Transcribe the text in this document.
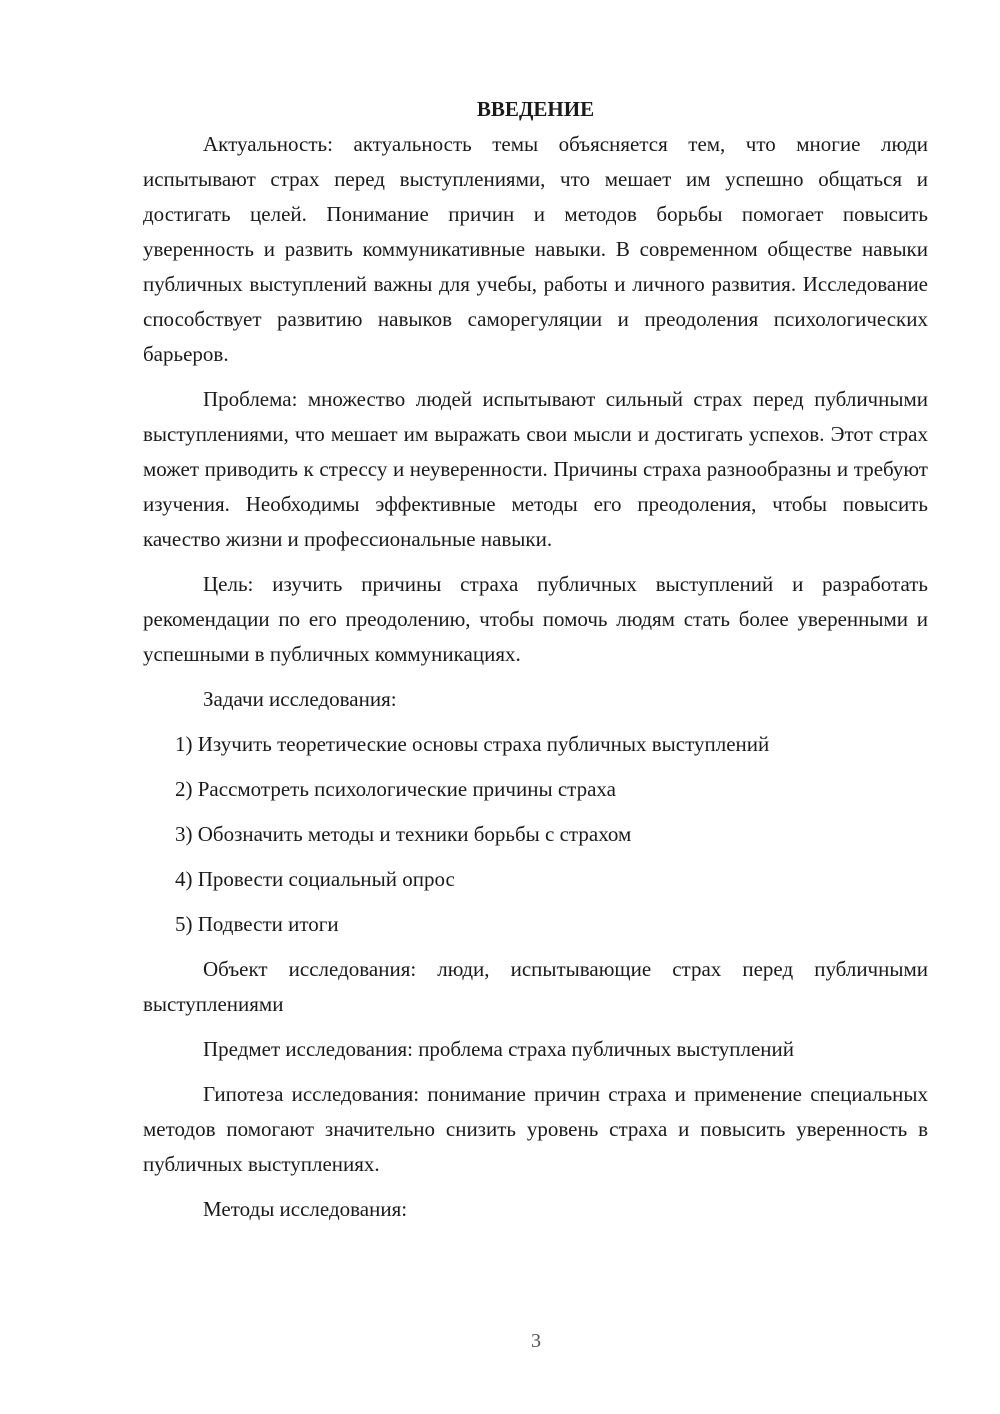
ВВЕДЕНИЕ

Актуальность: актуальность темы объясняется тем, что многие люди испытывают страх перед выступлениями, что мешает им успешно общаться и достигать целей. Понимание причин и методов борьбы помогает повысить уверенность и развить коммуникативные навыки. В современном обществе навыки публичных выступлений важны для учебы, работы и личного развития. Исследование способствует развитию навыков саморегуляции и преодоления психологических барьеров.

Проблема: множество людей испытывают сильный страх перед публичными выступлениями, что мешает им выражать свои мысли и достигать успехов. Этот страх может приводить к стрессу и неуверенности. Причины страха разнообразны и требуют изучения. Необходимы эффективные методы его преодоления, чтобы повысить качество жизни и профессиональные навыки.

Цель: изучить причины страха публичных выступлений и разработать рекомендации по его преодолению, чтобы помочь людям стать более уверенными и успешными в публичных коммуникациях.

Задачи исследования:

1) Изучить теоретические основы страха публичных выступлений
2) Рассмотреть психологические причины страха
3) Обозначить методы и техники борьбы с страхом
4) Провести социальный опрос
5) Подвести итоги

Объект исследования: люди, испытывающие страх перед публичными выступлениями

Предмет исследования: проблема страха публичных выступлений

Гипотеза исследования: понимание причин страха и применение специальных методов помогают значительно снизить уровень страха и повысить уверенность в публичных выступлениях.

Методы исследования:

3
